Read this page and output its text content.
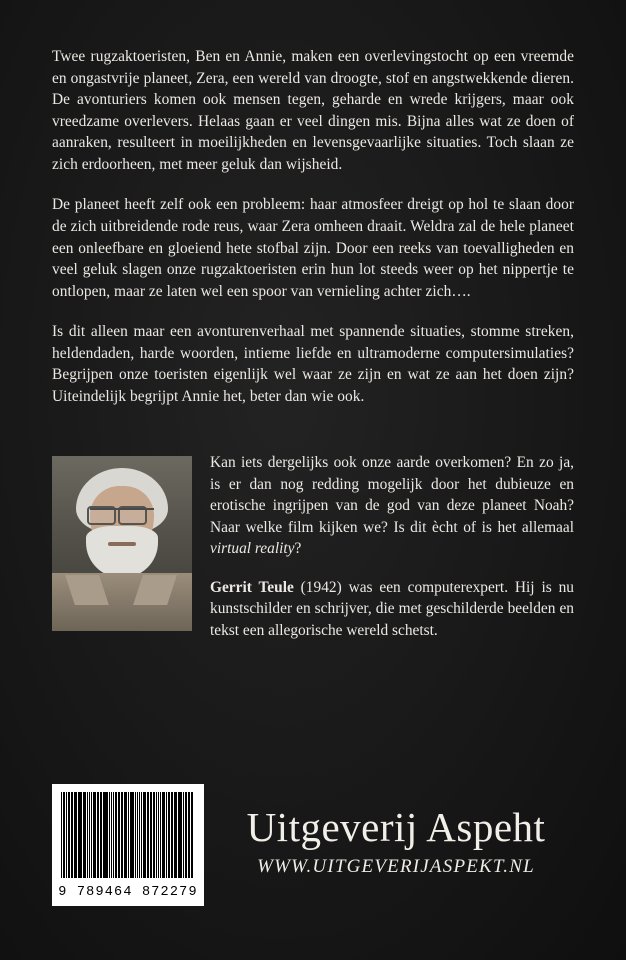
Twee rugzaktoeristen, Ben en Annie, maken een overlevingstocht op een vreemde en ongastvrije planeet, Zera, een wereld van droogte, stof en angstwekkende dieren. De avonturiers komen ook mensen tegen, geharde en wrede krijgers, maar ook vreedzame overlevers. Helaas gaan er veel dingen mis. Bijna alles wat ze doen of aanraken, resulteert in moeilijkheden en levensgevaarlijke situaties. Toch slaan ze zich erdoorheen, met meer geluk dan wijsheid.

De planeet heeft zelf ook een probleem: haar atmosfeer dreigt op hol te slaan door de zich uitbreidende rode reus, waar Zera omheen draait. Weldra zal de hele planeet een onleefbare en gloeiend hete stofbal zijn. Door een reeks van toevalligheden en veel geluk slagen onze rugzaktoeristen erin hun lot steeds weer op het nippertje te ontlopen, maar ze laten wel een spoor van vernieling achter zich….

Is dit alleen maar een avonturenverhaal met spannende situaties, stomme streken, heldendaden, harde woorden, intieme liefde en ultramoderne computersimulaties? Begrijpen onze toeristen eigenlijk wel waar ze zijn en wat ze aan het doen zijn? Uiteindelijk begrijpt Annie het, beter dan wie ook.

Kan iets dergelijks ook onze aarde overkomen? En zo ja, is er dan nog redding mogelijk door het dubieuze en erotische ingrijpen van de god van deze planeet Noah? Naar welke film kijken we? Is dit ècht of is het allemaal virtual reality?

Gerrit Teule (1942) was een computerexpert. Hij is nu kunstschilder en schrijver, die met geschilderde beelden en tekst een allegorische wereld schetst.

9 789464 872279
Uitgeverij Aspeht
WWW.UITGEVERIJASPEKT.NL
